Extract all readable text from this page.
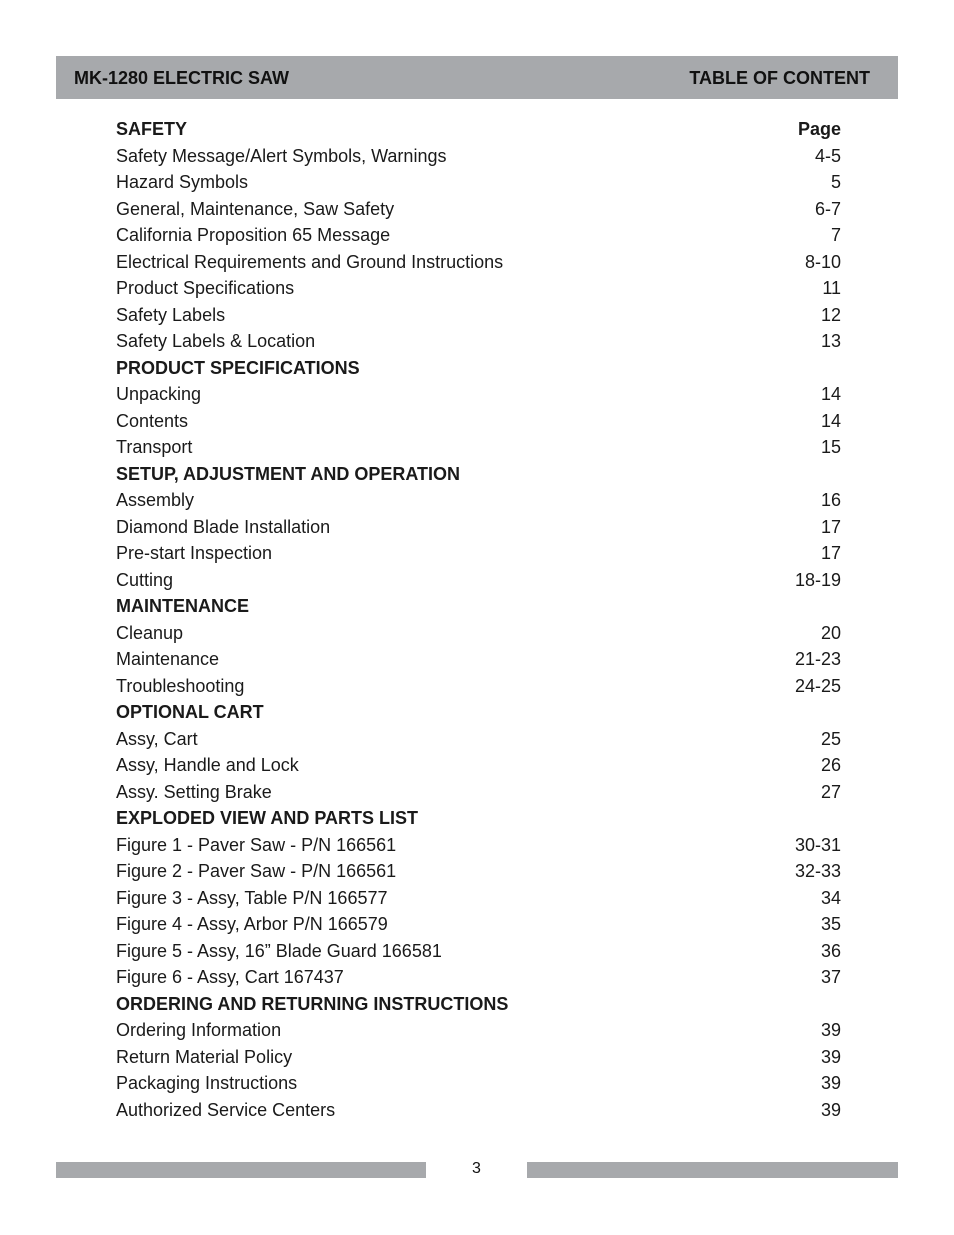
MK-1280 ELECTRIC SAW	TABLE OF CONTENT
SAFETY	Page
Safety Message/Alert Symbols, Warnings	4-5
Hazard Symbols	5
General, Maintenance, Saw Safety	6-7
California Proposition 65 Message	7
Electrical Requirements and Ground Instructions	8-10
Product Specifications	11
Safety Labels	12
Safety Labels & Location	13
PRODUCT SPECIFICATIONS
Unpacking	14
Contents	14
Transport	15
SETUP, ADJUSTMENT AND OPERATION
Assembly	16
Diamond Blade Installation	17
Pre-start Inspection	17
Cutting	18-19
MAINTENANCE
Cleanup	20
Maintenance	21-23
Troubleshooting	24-25
OPTIONAL CART
Assy, Cart	25
Assy, Handle and Lock	26
Assy. Setting Brake	27
EXPLODED VIEW AND PARTS LIST
Figure 1 - Paver Saw - P/N 166561	30-31
Figure 2 - Paver Saw - P/N 166561	32-33
Figure 3 - Assy, Table P/N 166577	34
Figure 4 - Assy, Arbor P/N 166579	35
Figure 5 - Assy, 16” Blade Guard 166581	36
Figure 6 - Assy, Cart 167437	37
ORDERING AND RETURNING INSTRUCTIONS
Ordering Information	39
Return Material Policy	39
Packaging Instructions	39
Authorized Service Centers	39
3
